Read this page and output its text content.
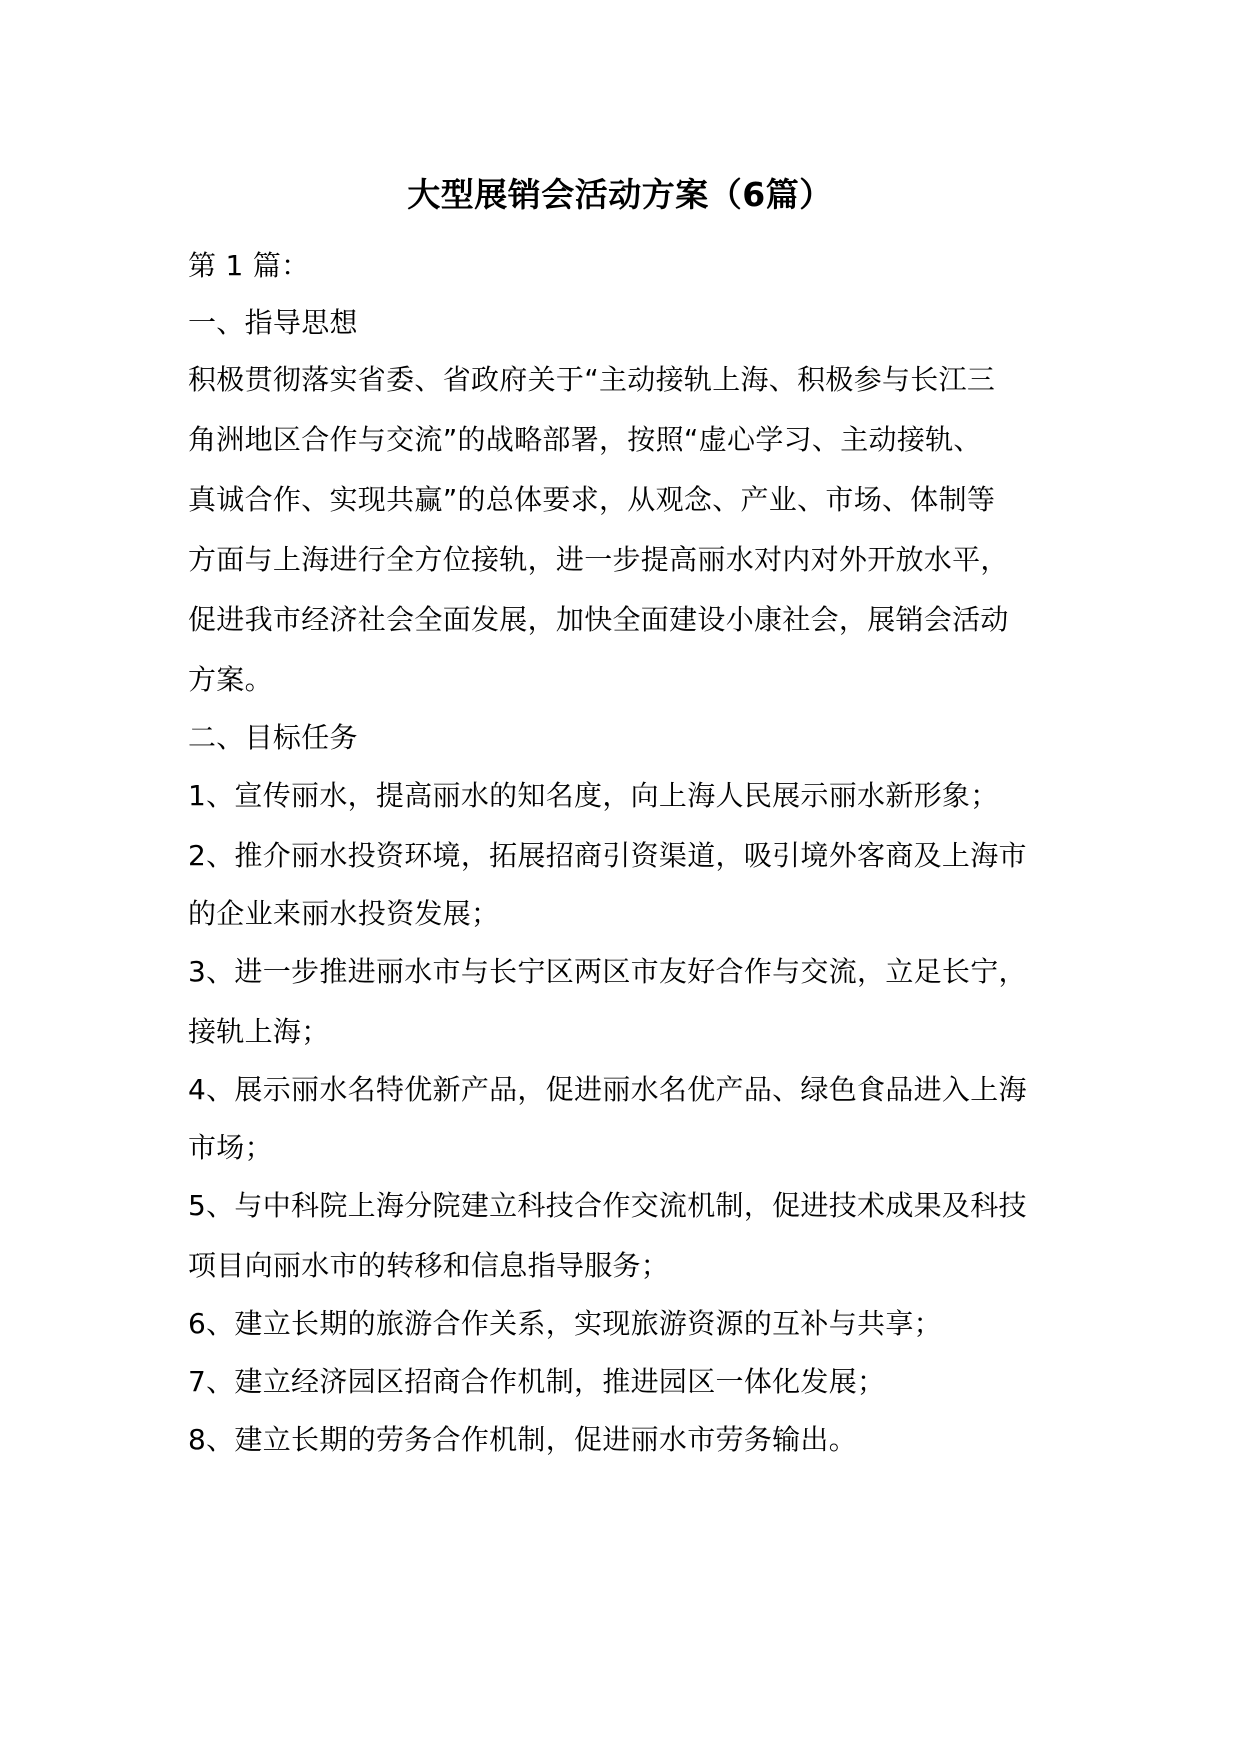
大型展销会活动方案（6篇）
第 1 篇：
一、指导思想
积极贯彻落实省委、省政府关于“主动接轨上海、积极参与长江三
角洲地区合作与交流”的战略部署，按照“虚心学习、主动接轨、
真诚合作、实现共赢”的总体要求，从观念、产业、市场、体制等
方面与上海进行全方位接轨，进一步提高丽水对内对外开放水平，
促进我市经济社会全面发展，加快全面建设小康社会，展销会活动
方案。
二、目标任务
1、宣传丽水，提高丽水的知名度，向上海人民展示丽水新形象；
2、推介丽水投资环境，拓展招商引资渠道，吸引境外客商及上海市
的企业来丽水投资发展；
3、进一步推进丽水市与长宁区两区市友好合作与交流，立足长宁，
接轨上海；
4、展示丽水名特优新产品，促进丽水名优产品、绿色食品进入上海
市场；
5、与中科院上海分院建立科技合作交流机制，促进技术成果及科技
项目向丽水市的转移和信息指导服务；
6、建立长期的旅游合作关系，实现旅游资源的互补与共享；
7、建立经济园区招商合作机制，推进园区一体化发展；
8、建立长期的劳务合作机制，促进丽水市劳务输出。
